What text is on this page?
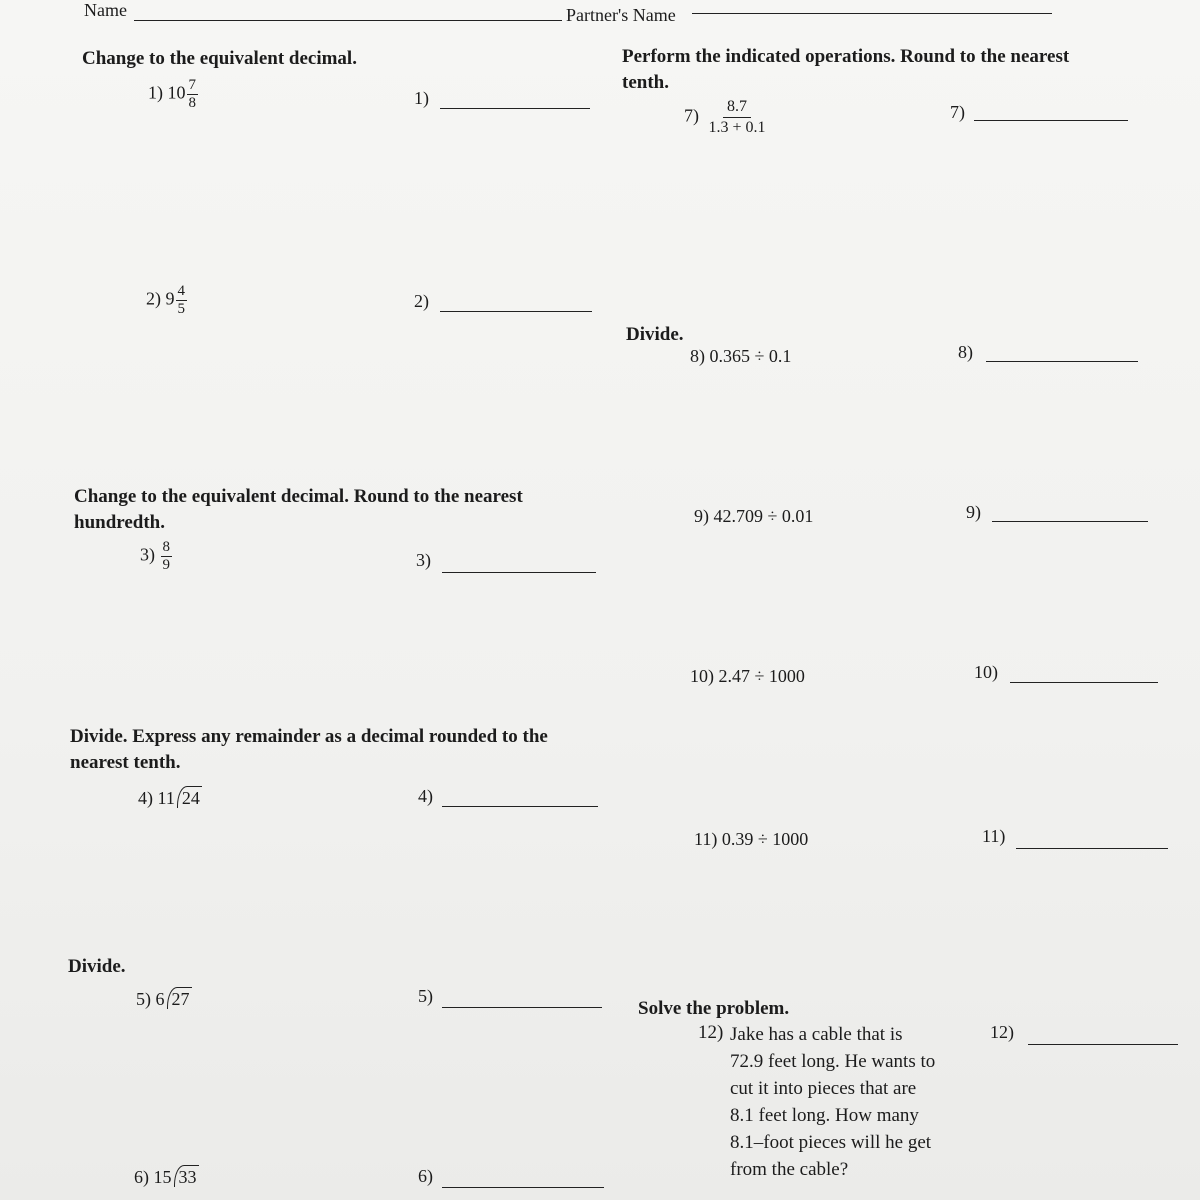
Name	Partner's Name
Change to the equivalent decimal.
1) $10 \frac{7}{8}$	1)
2) $9 \frac{4}{5}$	2)
Change to the equivalent decimal. Round to the nearest hundredth.
$3) \frac{8}{9}$	3)
Divide. Express any remainder as a decimal rounded to the nearest tenth.
4) 11 24	4)
Divide.
5) 6 27	5)
6) 15 33	6)
Perform the indicated operations. Round to the nearest tenth.
$7) \frac{8.7}{1.3 + 0.1}$	7)
Divide.
8) 0.365 ÷ 0.1	8)
9) 42.709 ÷ 0.01	9)
10) 2.47 ÷ 1000	10)
11) 0.39 ÷ 1000	11)
Solve the problem.
12) Jake has a cable that is
72.9 feet long. He wants to
cut it into pieces that are
8.1 feet long. How many
8.1–foot pieces will he get
from the cable?
12)
